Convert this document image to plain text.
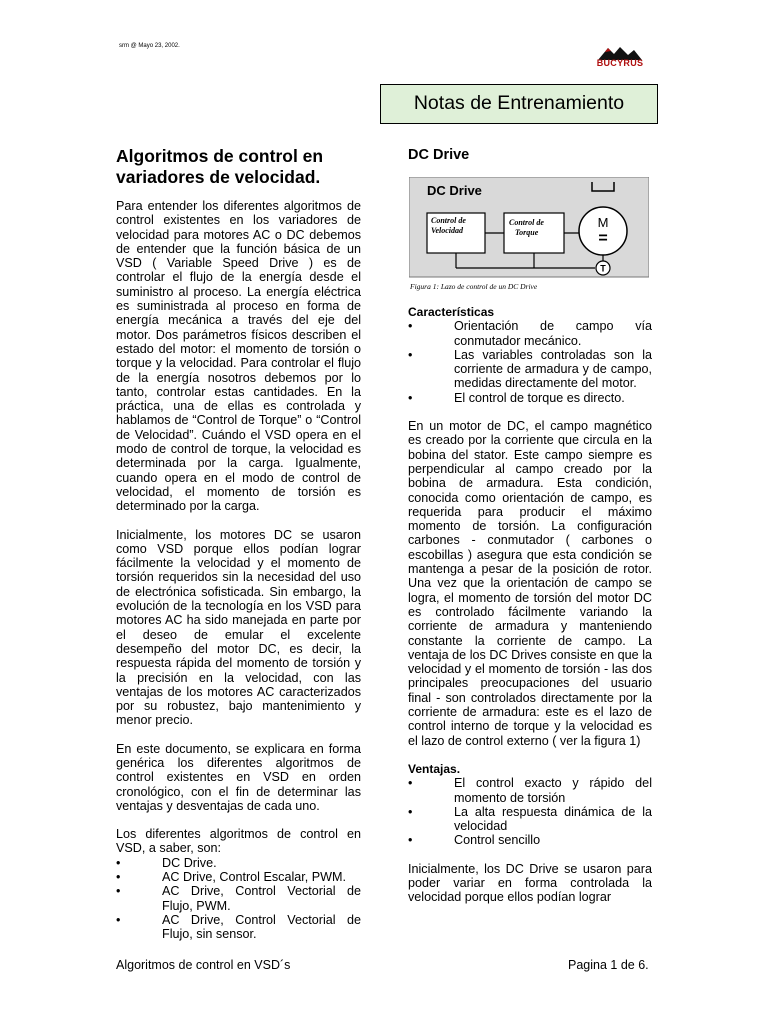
srm @ Mayo 23, 2002.
BUCYRUS
Notas de Entrenamiento
Algoritmos de control en variadores de velocidad.

Para entender los diferentes algoritmos de control existentes en los variadores de velocidad para motores AC o DC debemos de entender que la función básica de un VSD ( Variable Speed Drive ) es de controlar el flujo de la energía desde el suministro al proceso. La energía eléctrica es suministrada al proceso en forma de energía mecánica a través del eje del motor. Dos parámetros físicos describen el estado del motor: el momento de torsión o torque y la velocidad. Para controlar el flujo de la energía nosotros debemos por lo tanto, controlar estas cantidades. En la práctica, una de ellas es controlada y hablamos de “Control de Torque” o “Control de Velocidad”. Cuándo el VSD opera en el modo de control de torque, la velocidad es determinada por la carga. Igualmente, cuando opera en el modo de control de velocidad, el momento de torsión es determinado por la carga.

Inicialmente, los motores DC se usaron como VSD porque ellos podían lograr fácilmente la velocidad y el momento de torsión requeridos sin la necesidad del uso de electrónica sofisticada. Sin embargo, la evolución de la tecnología en los VSD para motores AC ha sido manejada en parte por el deseo de emular el excelente desempeño del motor DC, es decir, la respuesta rápida del momento de torsión y la precisión en la velocidad, con las ventajas de los motores AC caracterizados por su robustez, bajo mantenimiento y menor precio.

En este documento, se explicara en forma genérica los diferentes algoritmos de control existentes en VSD en orden cronológico, con el fin de determinar las ventajas y desventajas de cada uno.

Los diferentes algoritmos de control en VSD, a saber, son:

•	DC Drive.
•	AC Drive, Control Escalar, PWM.
•	AC Drive, Control Vectorial de Flujo, PWM.
•	AC Drive, Control Vectorial de Flujo, sin sensor.
DC Drive
DC Drive
Control de
Velocidad
Control de
Torque
M
=
T
Figura 1: Lazo de control de un DC Drive
Características
•	Orientación de campo vía conmutador mecánico.
•	Las variables controladas son la corriente de armadura y de campo, medidas directamente del motor.
•	El control de torque es directo.

En un motor de DC, el campo magnético es creado por la corriente que circula en la bobina del stator. Este campo siempre es perpendicular al campo creado por la bobina de armadura. Esta condición, conocida como orientación de campo, es requerida para producir el máximo momento de torsión. La configuración carbones - conmutador ( carbones o escobillas ) asegura que esta condición se mantenga a pesar de la posición de rotor. Una vez que la orientación de campo se logra, el momento de torsión del motor DC es controlado fácilmente variando la corriente de armadura y manteniendo constante la corriente de campo. La ventaja de los DC Drives consiste en que la velocidad y el momento de torsión - las dos principales preocupaciones del usuario final - son controlados directamente por la corriente de armadura: este es el lazo de control interno de torque y la velocidad es el lazo de control externo ( ver la figura 1)

Ventajas.
•	El control exacto y rápido del momento de torsión
•	La alta respuesta dinámica de la velocidad
•	Control sencillo

Inicialmente, los DC Drive se usaron para poder variar en forma controlada la velocidad porque ellos podían lograr

Algoritmos de control en VSD´s	Pagina 1 de 6.
